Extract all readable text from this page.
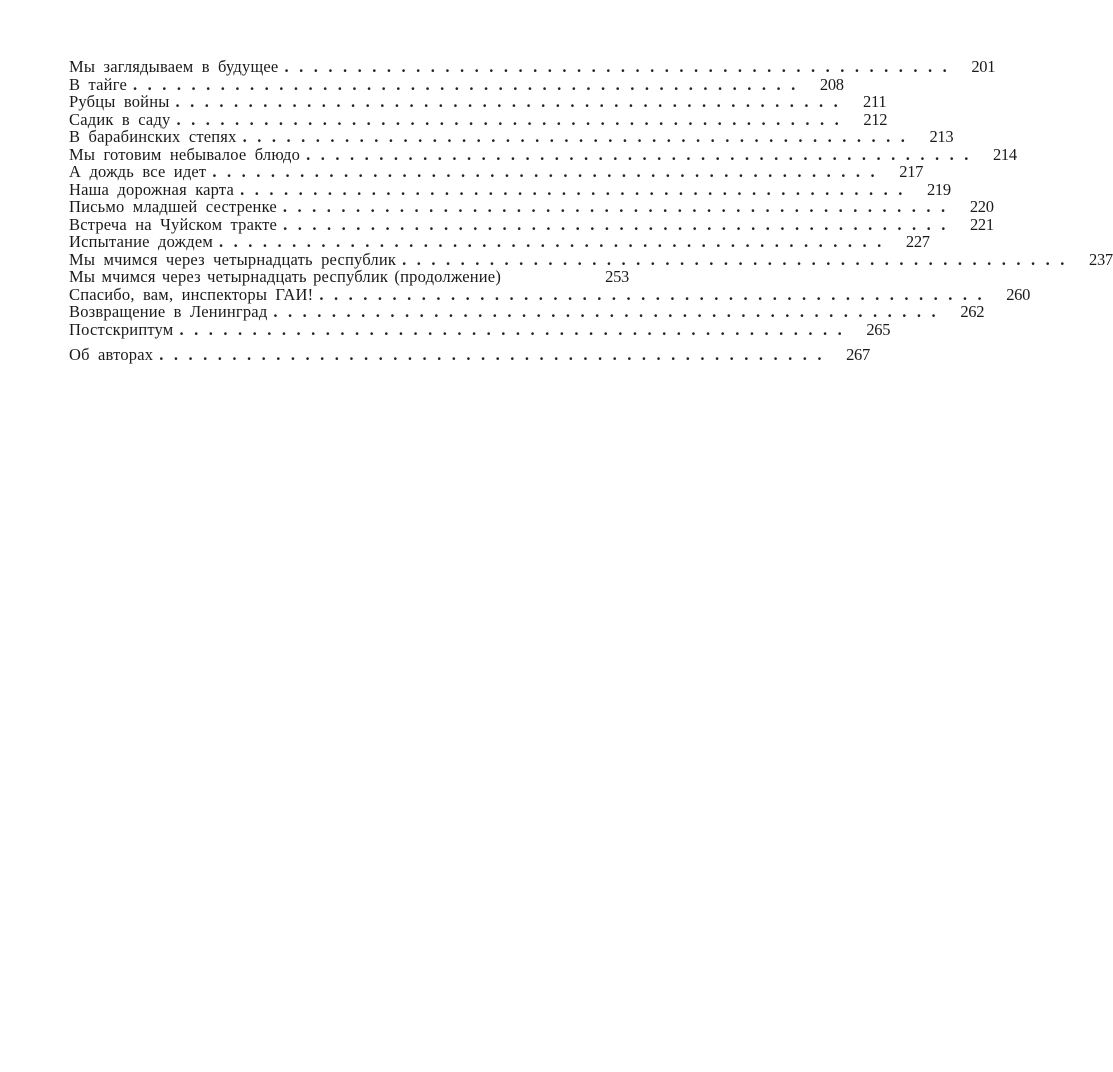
Мы заглядываем в будущее .............................................. 201
В тайге .............................................. 208
Рубцы войны .............................................. 211
Садик в саду .............................................. 212
В барабинских степях .............................................. 213
Мы готовим небывалое блюдо .............................................. 214
А дождь все идет .............................................. 217
Наша дорожная карта .............................................. 219
Письмо младшей сестренке .............................................. 220
Встреча на Чуйском тракте .............................................. 221
Испытание дождем .............................................. 227
Мы мчимся через четырнадцать республик .............................................. 237
Мы мчимся через четырнадцать республик (продолжение)	253
Спасибо, вам, инспекторы ГАИ! .............................................. 260
Возвращение в Ленинград .............................................. 262
Постскриптум .............................................. 265
Об авторах .............................................. 267
